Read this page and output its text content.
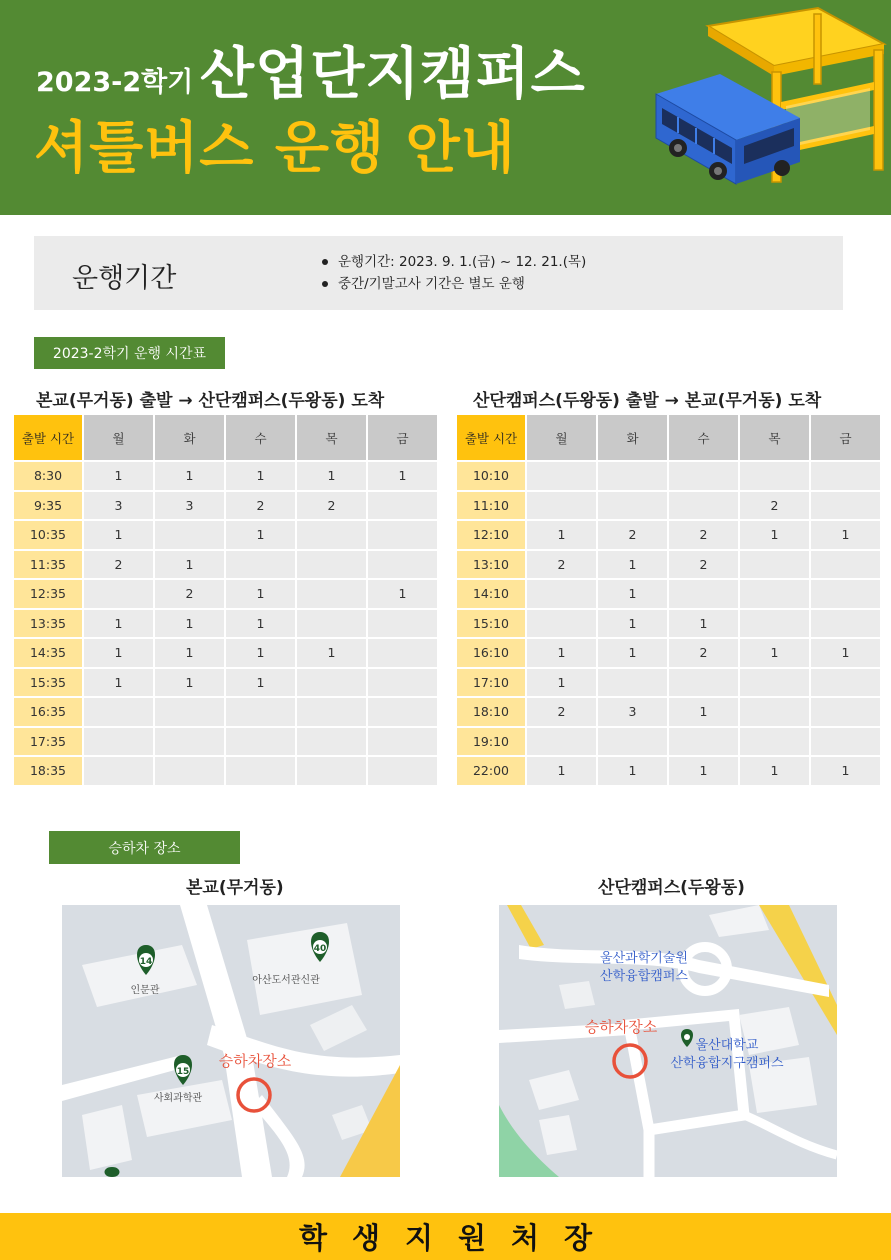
2023-2학기 산업단지캠퍼스
셔틀버스 운행 안내
운행기간
운행기간: 2023. 9. 1.(금) ~ 12. 21.(목)
중간/기말고사 기간은 별도 운행
2023-2학기 운행 시간표
본교(무거동) 출발 → 산단캠퍼스(두왕동) 도착	산단캠퍼스(두왕동) 출발 → 본교(무거동) 도착
출발 시간	월	화	수	목	금
8:30	1	1	1	1	1
9:35	3	3	2	2	
10:35	1		1		
11:35	2	1			
12:35		2	1		1
13:35	1	1	1		
14:35	1	1	1	1	
15:35	1	1	1		
16:35					
17:35					
18:35					
출발 시간	월	화	수	목	금
10:10					
11:10				2	
12:10	1	2	2	1	1
13:10	2	1	2		
14:10		1			
15:10		1	1		
16:10	1	1	2	1	1
17:10	1				
18:10	2	3	1		
19:10					
22:00	1	1	1	1	1
승하차 장소
본교(무거동)	산단캠퍼스(두왕동)
14
40
15
인문관
아산도서관신관
사회과학관
승하차장소
울산과학기술원
산학융합캠퍼스
울산대학교
산학융합지구캠퍼스
승하차장소
학생지원처장
